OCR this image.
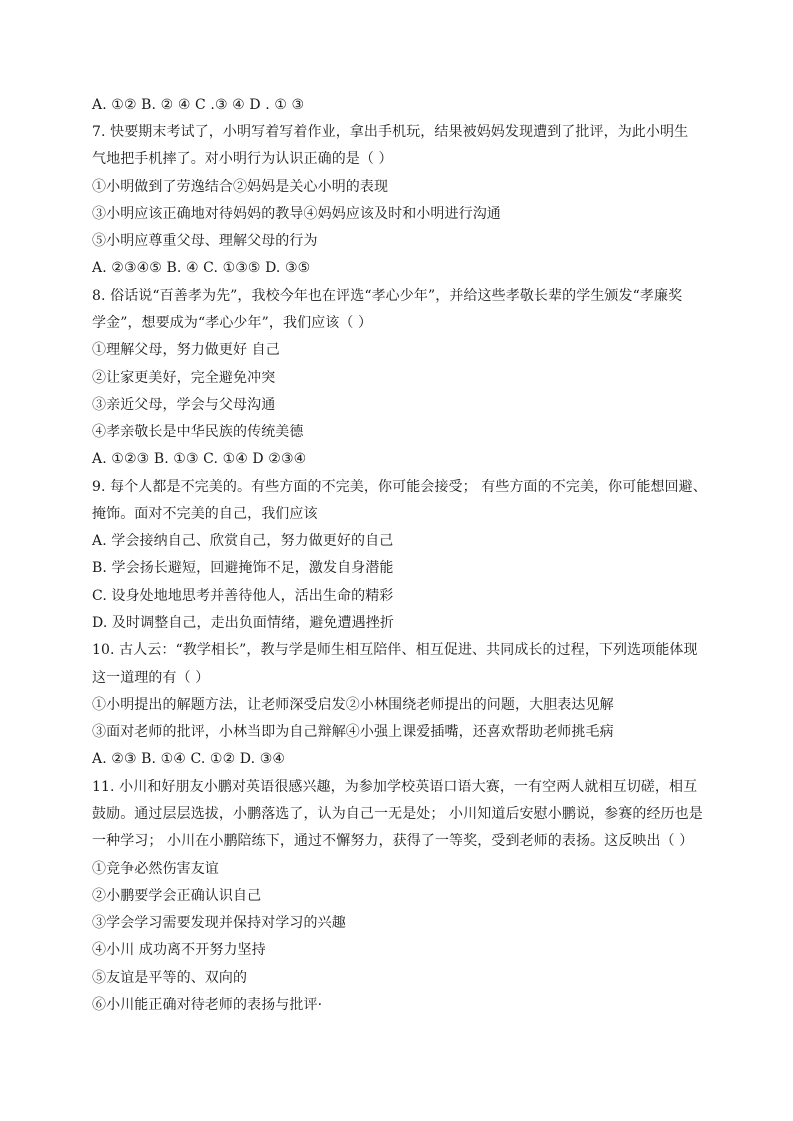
A. ①② B. ② ④ C .③ ④ D . ① ③
7. 快要期末考试了，小明写着写着作业，拿出手机玩，结果被妈妈发现遭到了批评，为此小明生
气地把手机摔了。对小明行为认识正确的是（ ）
①小明做到了劳逸结合②妈妈是关心小明的表现
③小明应该正确地对待妈妈的教导④妈妈应该及时和小明进行沟通
⑤小明应尊重父母、理解父母的行为
A. ②③④⑤ B. ④ C. ①③⑤ D. ③⑤
8. 俗话说“百善孝为先”，我校今年也在评选“孝心少年”，并给这些孝敬长辈的学生颁发“孝廉奖
学金”，想要成为“孝心少年”，我们应该（ ）
①理解父母，努力做更好 自己
②让家更美好，完全避免冲突
③亲近父母，学会与父母沟通
④孝亲敬长是中华民族的传统美德
A. ①②③ B. ①③ C. ①④ D ②③④
9. 每个人都是不完美的。有些方面的不完美，你可能会接受； 有些方面的不完美，你可能想回避、
掩饰。面对不完美的自己，我们应该
A. 学会接纳自己、欣赏自己，努力做更好的自己
B. 学会扬长避短，回避掩饰不足，激发自身潜能
C. 设身处地地思考并善待他人，活出生命的精彩
D. 及时调整自己，走出负面情绪，避免遭遇挫折
10. 古人云：“教学相长”，教与学是师生相互陪伴、相互促进、共同成长的过程，下列选项能体现
这一道理的有（ ）
①小明提出的解题方法，让老师深受启发②小林围绕老师提出的问题，大胆表达见解
③面对老师的批评，小林当即为自己辩解④小强上课爱插嘴，还喜欢帮助老师挑毛病
A. ②③ B. ①④ C. ①② D. ③④
11. 小川和好朋友小鹏对英语很感兴趣，为参加学校英语口语大赛，一有空两人就相互切磋，相互
鼓励。通过层层选拔，小鹏落选了，认为自己一无是处； 小川知道后安慰小鹏说，参赛的经历也是
一种学习； 小川在小鹏陪练下，通过不懈努力，获得了一等奖，受到老师的表扬。这反映出（ ）
①竞争必然伤害友谊
②小鹏要学会正确认识自己
③学会学习需要发现并保持对学习的兴趣
④小川 成功离不开努力坚持
⑤友谊是平等的、双向的
⑥小川能正确对待老师的表扬与批评·
